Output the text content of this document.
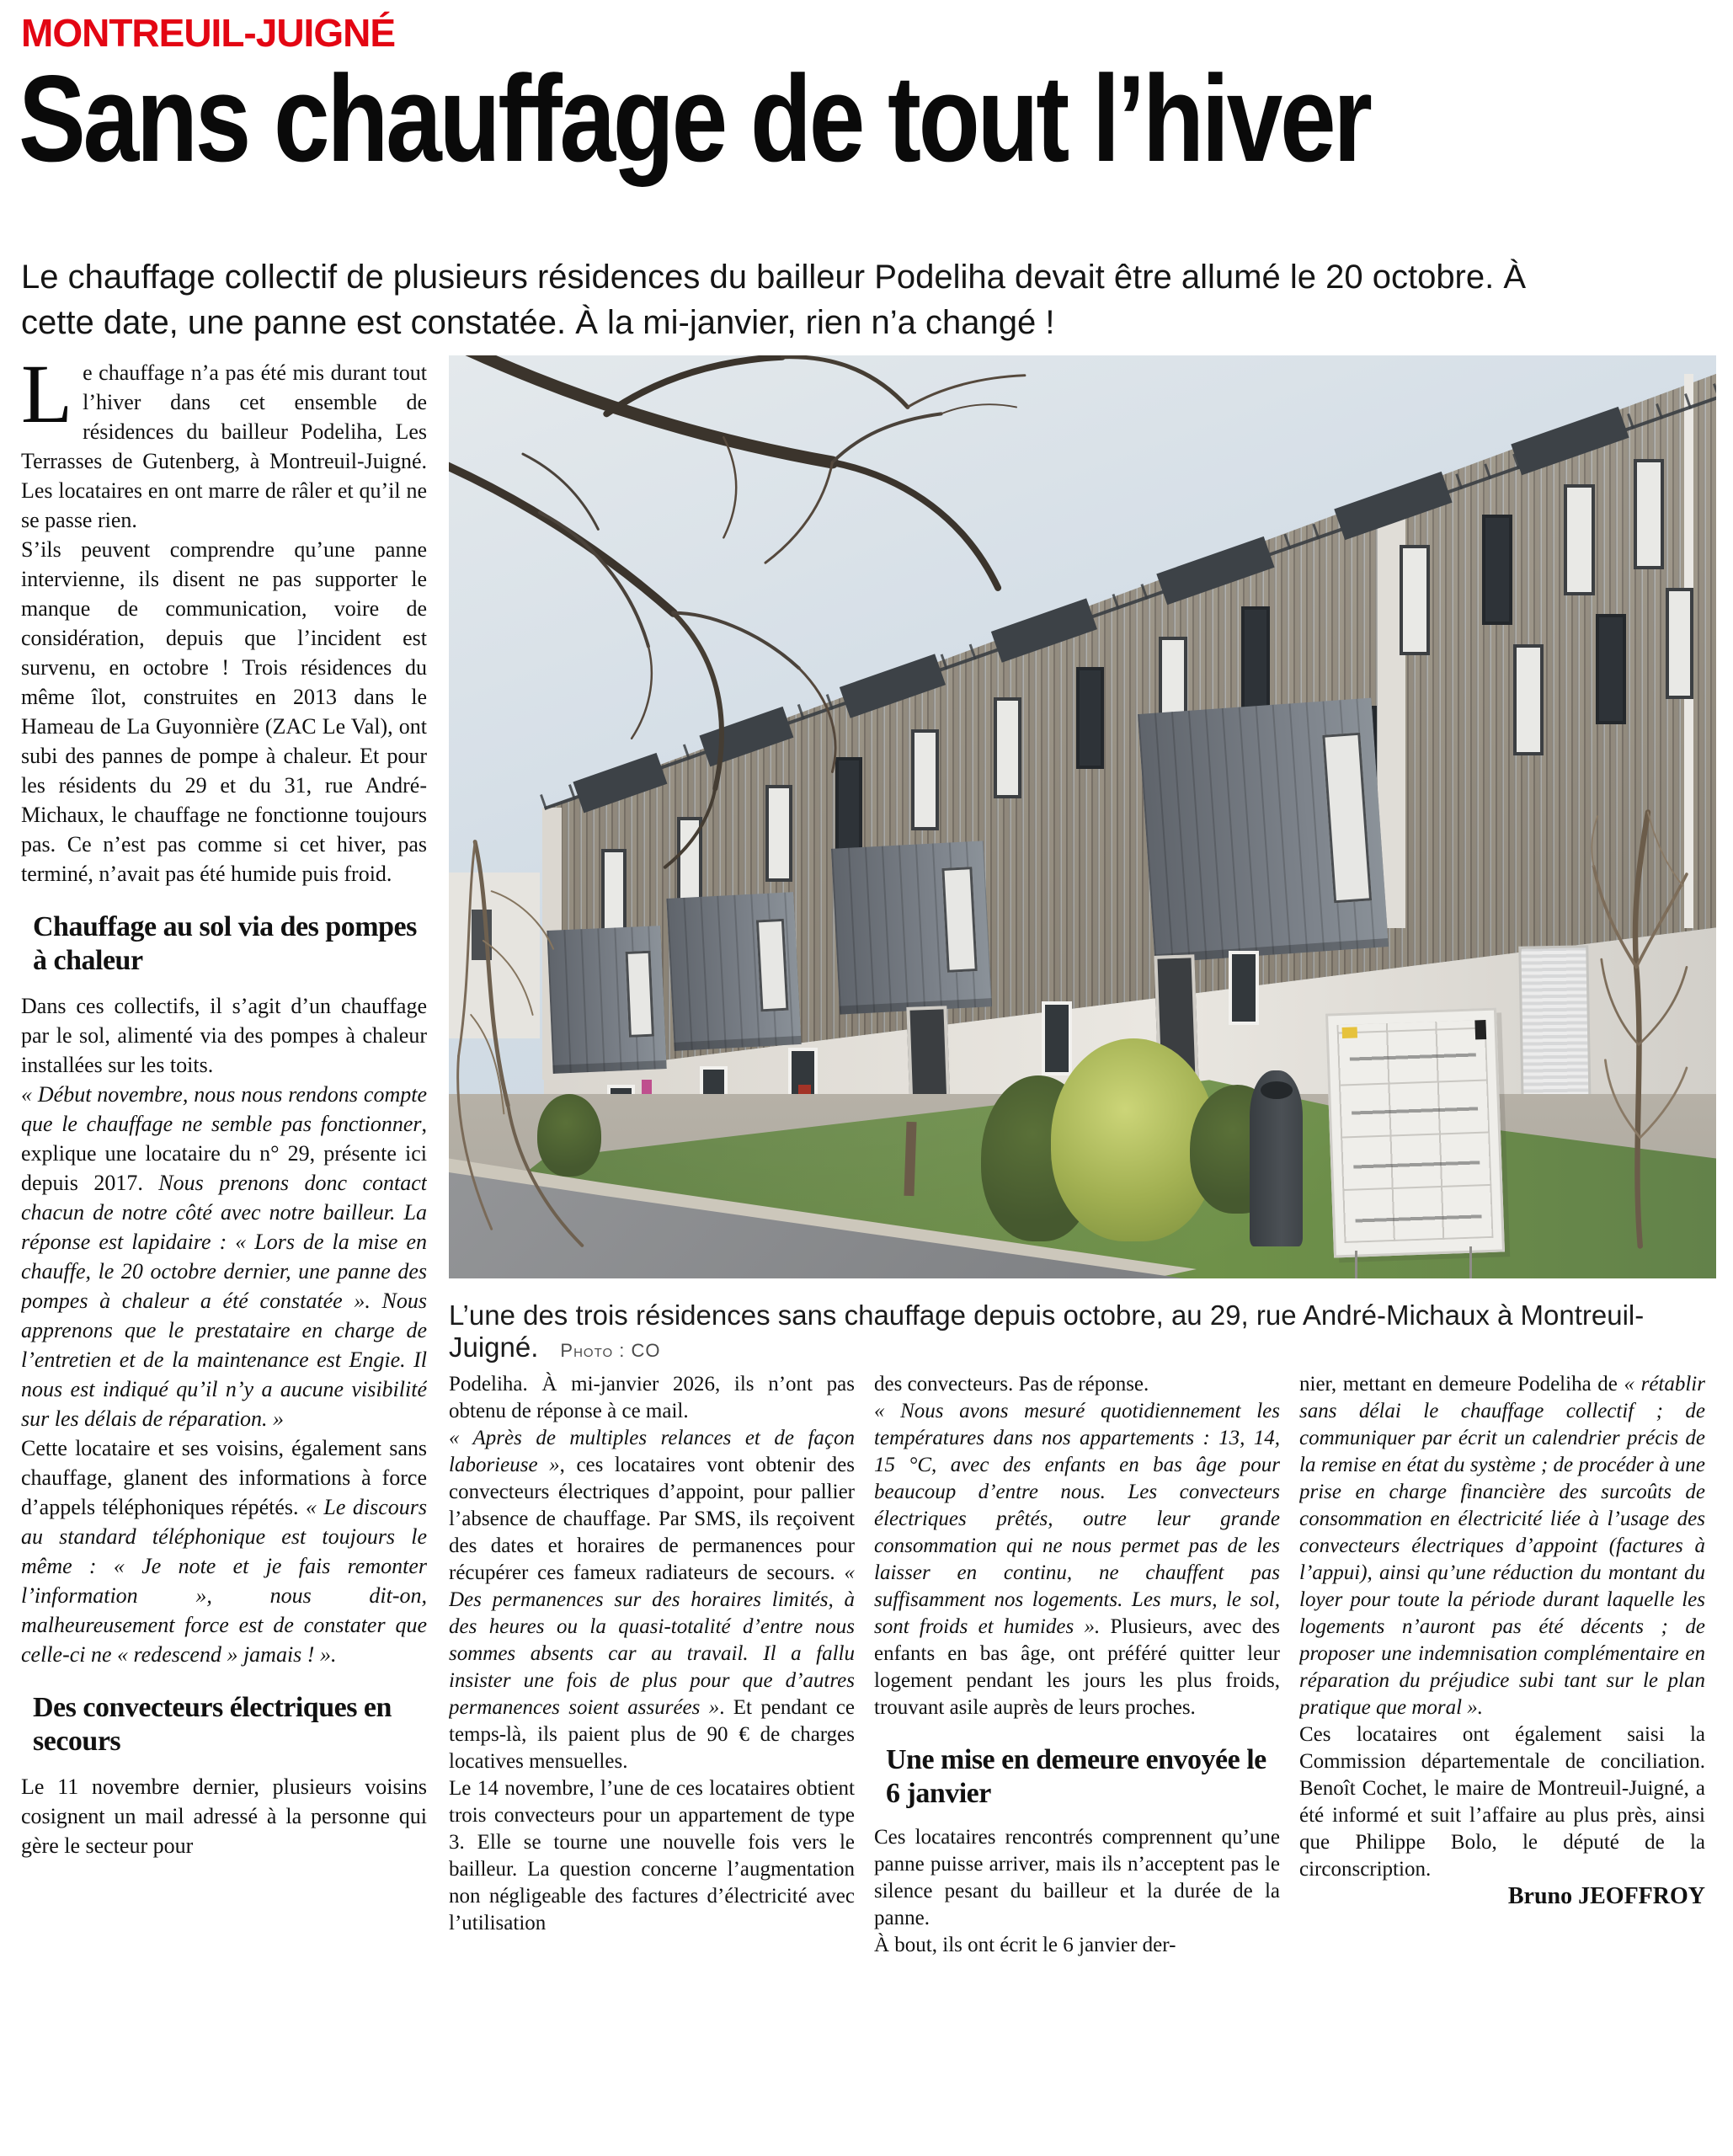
MONTREUIL-JUIGNÉ
Sans chauffage de tout l’hiver

Le chauffage collectif de plusieurs résidences du bailleur Podeliha devait être allumé le 20 octobre. À cette date, une panne est constatée. À la mi-janvier, rien n’a changé !

Le chauffage n’a pas été mis durant tout l’hiver dans cet ensemble de résidences du bailleur Podeliha, Les Terrasses de Gutenberg, à Montreuil-Juigné. Les locataires en ont marre de râler et qu’il ne se passe rien.

S’ils peuvent comprendre qu’une panne intervienne, ils disent ne pas supporter le manque de communication, voire de considération, depuis que l’incident est survenu, en octobre ! Trois résidences du même îlot, construites en 2013 dans le Hameau de La Guyonnière (ZAC Le Val), ont subi des pannes de pompe à chaleur. Et pour les résidents du 29 et du 31, rue André-Michaux, le chauffage ne fonctionne toujours pas. Ce n’est pas comme si cet hiver, pas terminé, n’avait pas été humide puis froid.

Chauffage au sol via des pompes à chaleur

Dans ces collectifs, il s’agit d’un chauffage par le sol, alimenté via des pompes à chaleur installées sur les toits.

« Début novembre, nous nous rendons compte que le chauffage ne semble pas fonctionner, explique une locataire du n° 29, présente ici depuis 2017. Nous prenons donc contact chacun de notre côté avec notre bailleur. La réponse est lapidaire : « Lors de la mise en chauffe, le 20 octobre dernier, une panne des pompes à chaleur a été constatée ». Nous apprenons que le prestataire en charge de l’entretien et de la maintenance est Engie. Il nous est indiqué qu’il n’y a aucune visibilité sur les délais de réparation. »

Cette locataire et ses voisins, également sans chauffage, glanent des informations à force d’appels téléphoniques répétés. « Le discours au standard téléphonique est toujours le même : « Je note et je fais remonter l’information », nous dit-on, malheureusement force est de constater que celle-ci ne « redescend » jamais ! ».

Des convecteurs électriques en secours

Le 11 novembre dernier, plusieurs voisins cosignent un mail adressé à la personne qui gère le secteur pour

L’une des trois résidences sans chauffage depuis octobre, au 29, rue André-Michaux à Montreuil-Juigné. Photo : CO

Podeliha. À mi-janvier 2026, ils n’ont pas obtenu de réponse à ce mail.

« Après de multiples relances et de façon laborieuse », ces locataires vont obtenir des convecteurs électriques d’appoint, pour pallier l’absence de chauffage. Par SMS, ils reçoivent des dates et horaires de permanences pour récupérer ces fameux radiateurs de secours. « Des permanences sur des horaires limités, à des heures ou la quasi-totalité d’entre nous sommes absents car au travail. Il a fallu insister une fois de plus pour que d’autres permanences soient assurées ». Et pendant ce temps-là, ils paient plus de 90 € de charges locatives mensuelles.

Le 14 novembre, l’une de ces locataires obtient trois convecteurs pour un appartement de type 3. Elle se tourne une nouvelle fois vers le bailleur. La question concerne l’augmentation non négligeable des factures d’électricité avec l’utilisation

des convecteurs. Pas de réponse.

« Nous avons mesuré quotidiennement les températures dans nos appartements : 13, 14, 15 °C, avec des enfants en bas âge pour beaucoup d’entre nous. Les convecteurs électriques prêtés, outre leur grande consommation qui ne nous permet pas de les laisser en continu, ne chauffent pas suffisamment nos logements. Les murs, le sol, sont froids et humides ». Plusieurs, avec des enfants en bas âge, ont préféré quitter leur logement pendant les jours les plus froids, trouvant asile auprès de leurs proches.

Une mise en demeure envoyée le 6 janvier

Ces locataires rencontrés comprennent qu’une panne puisse arriver, mais ils n’acceptent pas le silence pesant du bailleur et la durée de la panne.

À bout, ils ont écrit le 6 janvier der-

nier, mettant en demeure Podeliha de « rétablir sans délai le chauffage collectif ; de communiquer par écrit un calendrier précis de la remise en état du système ; de procéder à une prise en charge financière des surcoûts de consommation en électricité liée à l’usage des convecteurs électriques d’appoint (factures à l’appui), ainsi qu’une réduction du montant du loyer pour toute la période durant laquelle les logements n’auront pas été décents ; de proposer une indemnisation complémentaire en réparation du préjudice subi tant sur le plan pratique que moral ».

Ces locataires ont également saisi la Commission départementale de conciliation. Benoît Cochet, le maire de Montreuil-Juigné, a été informé et suit l’affaire au plus près, ainsi que Philippe Bolo, le député de la circonscription.

Bruno JEOFFROY
